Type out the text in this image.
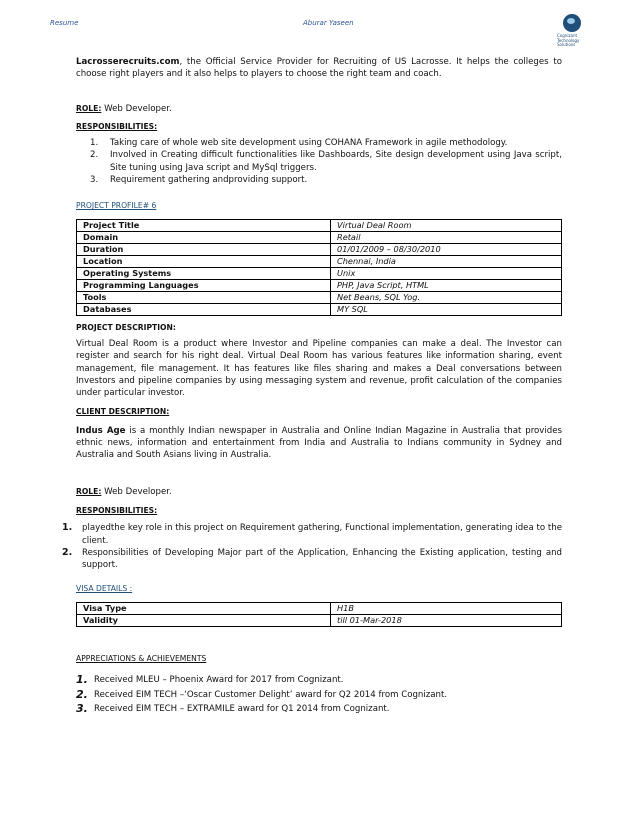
Resume	Aburar Yaseen
Cognizant
Technology
Solutions

Lacrosserecruits.com, the Official Service Provider for Recruiting of US Lacrosse. It helps the colleges to choose right players and it also helps to players to choose the right team and coach.

ROLE: Web Developer.

RESPONSIBILITIES:

1.	Taking care of whole web site development using COHANA Framework in agile methodology.
2.	Involved in Creating difficult functionalities like Dashboards, Site design development using Java script, Site tuning using Java script and MySql triggers.
3.	Requirement gathering andproviding support.

PROJECT PROFILE# 6

Project Title	Virtual Deal Room
Domain	Retail
Duration	01/01/2009 – 08/30/2010
Location	Chennai, India
Operating Systems	Unix
Programming Languages	PHP, Java Script, HTML
Tools	Net Beans, SQL Yog.
Databases	MY SQL

PROJECT DESCRIPTION:

Virtual Deal Room is a product where Investor and Pipeline companies can make a deal. The Investor can register and search for his right deal. Virtual Deal Room has various features like information sharing, event management, file management. It has features like files sharing and makes a Deal conversations between Investors and pipeline companies by using messaging system and revenue, profit calculation of the companies under particular investor.

CLIENT DESCRIPTION:

Indus Age is a monthly Indian newspaper in Australia and Online Indian Magazine in Australia that provides ethnic news, information and entertainment from India and Australia to Indians community in Sydney and Australia and South Asians living in Australia.

ROLE: Web Developer.

RESPONSIBILITIES:

1.	playedthe key role in this project on Requirement gathering, Functional implementation, generating idea to the client.
2.	Responsibilities of Developing Major part of the Application, Enhancing the Existing application, testing and support.

VISA DETAILS :

Visa Type	H1B
Validity	till 01-Mar-2018

APPRECIATIONS & ACHIEVEMENTS

1. Received MLEU – Phoenix Award for 2017 from Cognizant.
2. Received EIM TECH –‘Oscar Customer Delight’ award for Q2 2014 from Cognizant.
3. Received EIM TECH – EXTRAMILE award for Q1 2014 from Cognizant.
